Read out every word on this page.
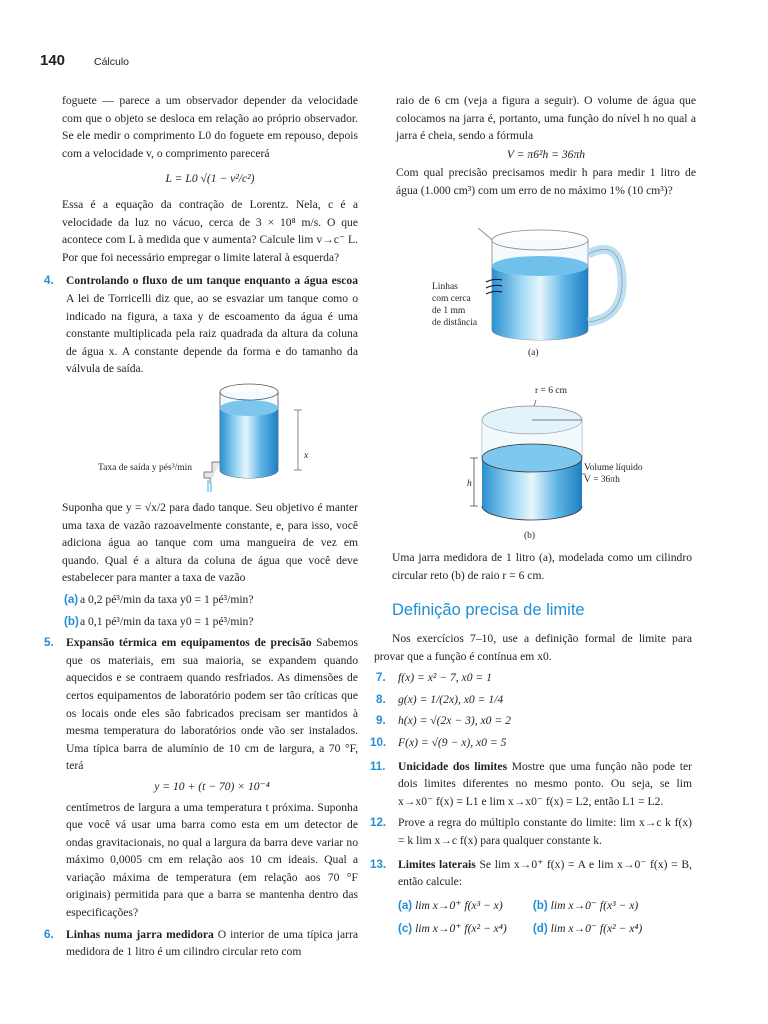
140	Cálculo

foguete — parece a um observador depender da velocidade com que o objeto se desloca em relação ao próprio observador. Se ele medir o comprimento L0 do foguete em repouso, depois com a velocidade v, o comprimento parecerá

L = L0 √(1 − v²/c²)

Essa é a equação da contração de Lorentz. Nela, c é a velocidade da luz no vácuo, cerca de 3 × 10⁸ m/s. O que acontece com L à medida que v aumenta? Calcule lim v→c⁻ L. Por que foi necessário empregar o limite lateral à esquerda?

4. Controlando o fluxo de um tanque enquanto a água escoa A lei de Torricelli diz que, ao se esvaziar um tanque como o indicado na figura, a taxa y de escoamento da água é uma constante multiplicada pela raiz quadrada da altura da coluna de água x. A constante depende da forma e do tamanho da válvula de saída.

x
Taxa de saída y pés³/min

Suponha que y = √x/2 para dado tanque. Seu objetivo é manter uma taxa de vazão razoavelmente constante, e, para isso, você adiciona água ao tanque com uma mangueira de vez em quando. Qual é a altura da coluna de água que você deve estabelecer para manter a taxa de vazão

(a) a 0,2 pé³/min da taxa y0 = 1 pé³/min?
(b) a 0,1 pé³/min da taxa y0 = 1 pé³/min?
5. Expansão térmica em equipamentos de precisão Sabemos que os materiais, em sua maioria, se expandem quando aquecidos e se contraem quando resfriados. As dimensões de certos equipamentos de laboratório podem ser tão críticas que os locais onde eles são fabricados precisam ser mantidos à mesma temperatura do laboratórios onde vão ser instalados. Uma típica barra de alumínio de 10 cm de largura, a 70 °F, terá

y = 10 + (t − 70) × 10⁻⁴

centímetros de largura a uma temperatura t próxima. Suponha que você vá usar uma barra como esta em um detector de ondas gravitacionais, no qual a largura da barra deve variar no máximo 0,0005 cm em relação aos 10 cm ideais. Qual a variação máxima de temperatura (em relação aos 70 °F originais) permitida para que a barra se mantenha dentro das especificações?

6. Linhas numa jarra medidora O interior de uma típica jarra medidora de 1 litro é um cilindro circular reto com

raio de 6 cm (veja a figura a seguir). O volume de água que colocamos na jarra é, portanto, uma função do nível h no qual a jarra é cheia, sendo a fórmula

V = π6²h = 36πh

Com qual precisão precisamos medir h para medir 1 litro de água (1.000 cm³) com um erro de no máximo 1% (10 cm³)?

Linhas
com cerca
de 1 mm
de distância
(a)
r = 6 cm
h
Volume líquido
V = 36πh
(b)

Uma jarra medidora de 1 litro (a), modelada como um cilindro circular reto (b) de raio r = 6 cm.

Definição precisa de limite

Nos exercícios 7–10, use a definição formal de limite para provar que a função é contínua em x0.

7. f(x) = x² − 7, x0 = 1
8. g(x) = 1/(2x), x0 = 1/4
9. h(x) = √(2x − 3), x0 = 2
10. F(x) = √(9 − x), x0 = 5
11. Unicidade dos limites Mostre que uma função não pode ter dois limites diferentes no mesmo ponto. Ou seja, se lim x→x0⁻ f(x) = L1 e lim x→x0⁻ f(x) = L2, então L1 = L2.

12. Prove a regra do múltiplo constante do limite: lim x→c k f(x) = k lim x→c f(x) para qualquer constante k.

13. Limites laterais Se lim x→0⁺ f(x) = A e lim x→0⁻ f(x) = B, então calcule:

(a) lim x→0⁺ f(x³ − x)	(b) lim x→0⁻ f(x³ − x)
(c) lim x→0⁺ f(x² − x⁴) (d) lim x→0⁻ f(x² − x⁴)
